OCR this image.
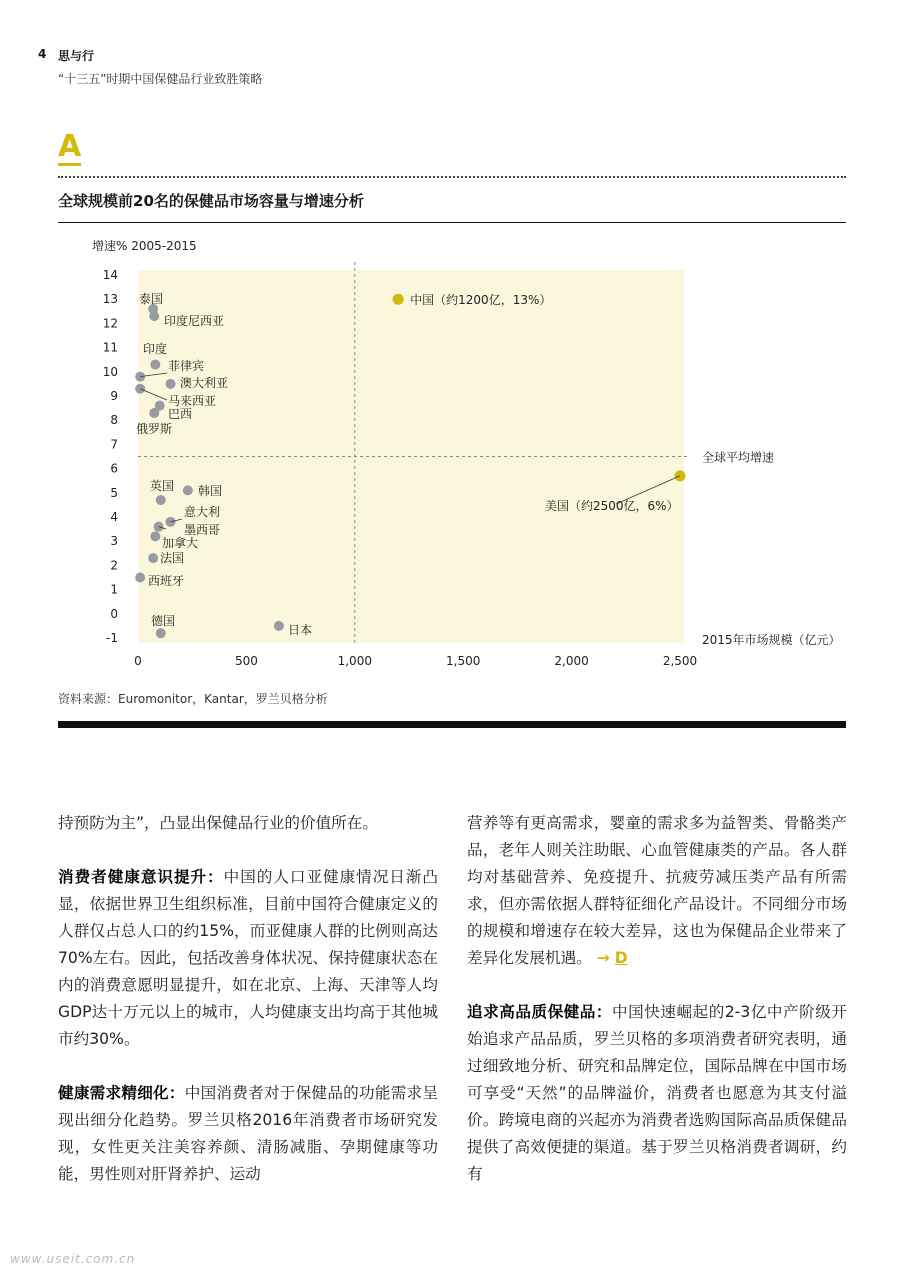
4 思与行
“十三五”时期中国保健品行业致胜策略
A
全球规模前20名的保健品市场容量与增速分析
全球平均增速
增速% 2005-2015
2015年市场规模（亿元）
-1
0
1
2
3
4
5
6
7
8
9
10
11
12
13
14
0	500	1,000	1,500	2,000	2,500
中国（约1200亿，13%）
美国（约2500亿，6%）
泰国
印度尼西亚
印度
菲律宾
澳大利亚
马来西亚
巴西
俄罗斯
英国 韩国
意大利
墨西哥
加拿大
法国
西班牙
德国
日本
资料来源：Euromonitor，Kantar，罗兰贝格分析

持预防为主”，凸显出保健品行业的价值所在。

消费者健康意识提升：中国的人口亚健康情况日渐凸显，依据世界卫生组织标准，目前中国符合健康定义的人群仅占总人口的约15%，而亚健康人群的比例则高达70%左右。因此，包括改善身体状况、保持健康状态在内的消费意愿明显提升，如在北京、上海、天津等人均GDP达十万元以上的城市，人均健康支出均高于其他城市约30%。

健康需求精细化：中国消费者对于保健品的功能需求呈现出细分化趋势。罗兰贝格2016年消费者市场研究发现，女性更关注美容养颜、清肠减脂、孕期健康等功能，男性则对肝肾养护、运动

营养等有更高需求，婴童的需求多为益智类、骨骼类产品，老年人则关注助眠、心血管健康类的产品。各人群均对基础营养、免疫提升、抗疲劳减压类产品有所需求，但亦需依据人群特征细化产品设计。不同细分市场的规模和增速存在较大差异，这也为保健品企业带来了差异化发展机遇。 → D

追求高品质保健品：中国快速崛起的2-3亿中产阶级开始追求产品品质，罗兰贝格的多项消费者研究表明，通过细致地分析、研究和品牌定位，国际品牌在中国市场可享受“天然”的品牌溢价，消费者也愿意为其支付溢价。跨境电商的兴起亦为消费者选购国际高品质保健品提供了高效便捷的渠道。基于罗兰贝格消费者调研，约有

www.useit.com.cn
